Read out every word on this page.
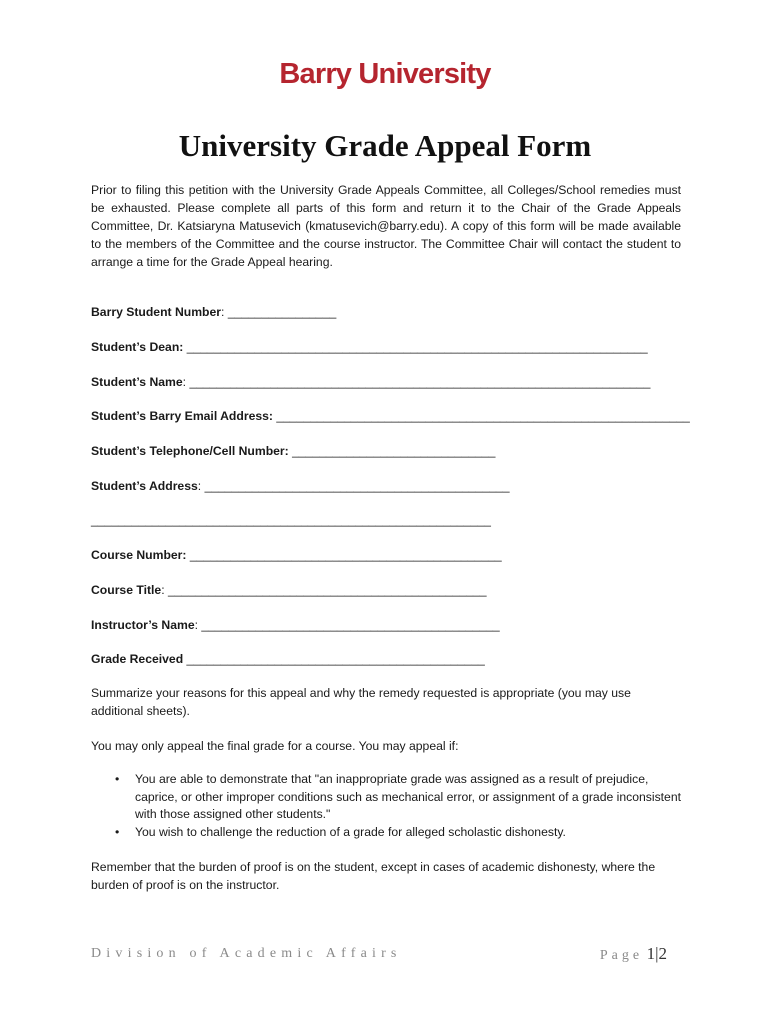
Barry University
University Grade Appeal Form

Prior to filing this petition with the University Grade Appeals Committee, all Colleges/School remedies must be exhausted. Please complete all parts of this form and return it to the Chair of the Grade Appeals Committee, Dr. Katsiaryna Matusevich (kmatusevich@barry.edu). A copy of this form will be made available to the members of the Committee and the course instructor. The Committee Chair will contact the student to arrange a time for the Grade Appeal hearing.

Barry Student Number: ________________
Student’s Dean: ____________________________________________________________________
Student’s Name: ____________________________________________________________________
Student’s Barry Email Address: _____________________________________________________________
Student’s Telephone/Cell Number: ______________________________
Student’s Address: _____________________________________________
___________________________________________________________
Course Number: ______________________________________________
Course Title: _______________________________________________
Instructor’s Name: ____________________________________________
Grade Received ____________________________________________

Summarize your reasons for this appeal and why the remedy requested is appropriate (you may use additional sheets).

You may only appeal the final grade for a course. You may appeal if:

• You are able to demonstrate that "an inappropriate grade was assigned as a result of prejudice, caprice, or other improper conditions such as mechanical error, or assignment of a grade inconsistent with those assigned other students."
• You wish to challenge the reduction of a grade for alleged scholastic dishonesty.

Remember that the burden of proof is on the student, except in cases of academic dishonesty, where the burden of proof is on the instructor.

Division of Academic Affairs	Page 1|2
